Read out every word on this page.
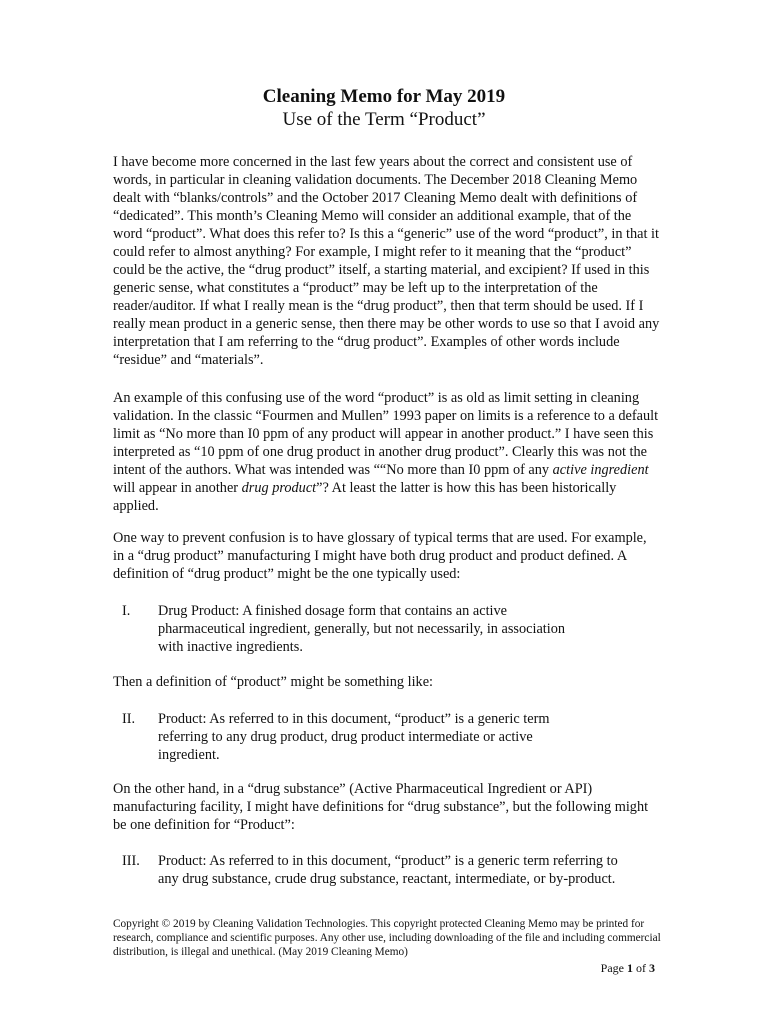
Cleaning Memo for May 2019
Use of the Term “Product”

I have become more concerned in the last few years about the correct and consistent use of words, in particular in cleaning validation documents. The December 2018 Cleaning Memo dealt with “blanks/controls” and the October 2017 Cleaning Memo dealt with definitions of “dedicated”. This month’s Cleaning Memo will consider an additional example, that of the word “product”. What does this refer to? Is this a “generic” use of the word “product”, in that it could refer to almost anything? For example, I might refer to it meaning that the “product” could be the active, the “drug product” itself, a starting material, and excipient? If used in this generic sense, what constitutes a “product” may be left up to the interpretation of the reader/auditor. If what I really mean is the “drug product”, then that term should be used. If I really mean product in a generic sense, then there may be other words to use so that I avoid any interpretation that I am referring to the “drug product”. Examples of other words include “residue” and “materials”.

An example of this confusing use of the word “product” is as old as limit setting in cleaning validation. In the classic “Fourmen and Mullen” 1993 paper on limits is a reference to a default limit as “No more than I0 ppm of any product will appear in another product.” I have seen this interpreted as “10 ppm of one drug product in another drug product”. Clearly this was not the intent of the authors. What was intended was ““No more than I0 ppm of any active ingredient will appear in another drug product”? At least the latter is how this has been historically applied.

One way to prevent confusion is to have glossary of typical terms that are used. For example, in a “drug product” manufacturing I might have both drug product and product defined. A definition of “drug product” might be the one typically used:

I.	Drug Product: A finished dosage form that contains an active
pharmaceutical ingredient, generally, but not necessarily, in association
with inactive ingredients.

Then a definition of “product” might be something like:

II.	Product: As referred to in this document, “product” is a generic term
referring to any drug product, drug product intermediate or active
ingredient.

On the other hand, in a “drug substance” (Active Pharmaceutical Ingredient or API) manufacturing facility, I might have definitions for “drug substance”, but the following might be one definition for “Product”:

III.	Product: As referred to in this document, “product” is a generic term referring to
any drug substance, crude drug substance, reactant, intermediate, or by-product.

Copyright © 2019 by Cleaning Validation Technologies. This copyright protected Cleaning Memo may be printed for research, compliance and scientific purposes. Any other use, including downloading of the file and including commercial distribution, is illegal and unethical. (May 2019 Cleaning Memo)

Page 1 of 3
